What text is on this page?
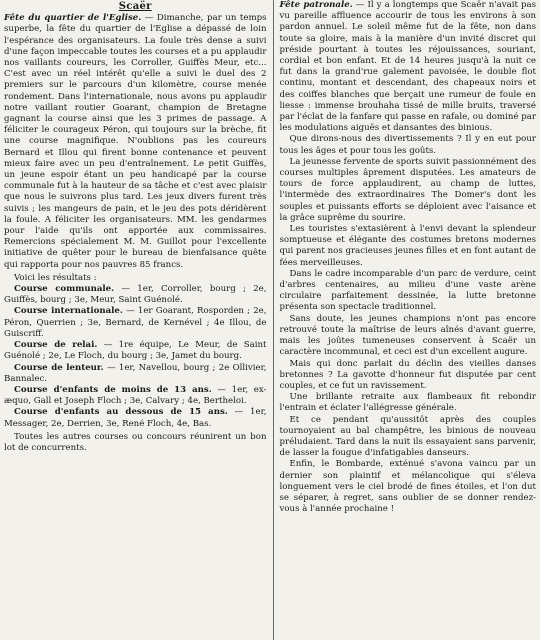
Scaër

Fête du quartier de l'Eglise. — Dimanche, par un temps superbe, la fête du quartier de l'Eglise a dépassé de loin l'espérance des organisateurs. La foule très dense a suivi d'une façon impeccable toutes les courses et a pu applaudir nos vaillants coureurs, les Corroller, Guiffès Meur, etc... C'est avec un réel intérêt qu'elle a suivi le duel des 2 premiers sur le parcours d'un kilomètre, course menée rondement. Dans l'internationale, nous avons pu applaudir notre vaillant routier Goarant, champion de Bretagne gagnant la course ainsi que les 3 primes de passage. A féliciter le courageux Péron, qui toujours sur la brèche, fit une course magnifique. N'oublions pas les coureurs Bernard et Illou qui firent bonne contenance et peuvent mieux faire avec un peu d'entraînement. Le petit Guiffès, un jeune espoir étant un peu handicapé par la course communale fut à la hauteur de sa tâche et c'est avec plaisir que nous le suivrons plus tard. Les jeux divers furent très suivis ; les mangeurs de pain, et le jeu des pots déridèrent la foule. A féliciter les organisateurs. MM. les gendarmes pour l'aide qu'ils ont apportée aux commissaires. Remercions spécialement M. M. Guillot pour l'excellente initiative de quêter pour le bureau de bienfaisance quête qui rapporta pour nos pauvres 85 francs.

Voici les résultats :

Course communale. — 1er, Corroller, bourg ; 2e, Guiffès, bourg ; 3e, Meur, Saint Guénolé.

Course internationale. — 1er Goarant, Rosporden ; 2e, Péron, Querrien ; 3e, Bernard, de Kernével ; 4e Illou, de Guiscriff.

Course de relai. — 1re équipe, Le Meur, de Saint Guénolé ; 2e, Le Floch, du bourg ; 3e, Jamet du bourg.

Course de lenteur. — 1er, Navellou, bourg ; 2e Ollivier, Bannalec.

Course d'enfants de moins de 13 ans. — 1er, ex-æquo, Gall et Joseph Floch ; 3e, Calvary ; 4e, Bertheloi.

Course d'enfants au dessous de 15 ans. — 1er, Messager, 2e, Derrien, 3e, René Floch, 4e, Bas.

Toutes les autres courses ou concours réunirent un bon lot de concurrents.

Fête patronale. — Il y a longtemps que Scaër n'avait pas vu pareille affluence accourir de tous les environs à son pardon annuel. Le soleil même fut de la fête, non dans toute sa gloire, mais à la manière d'un invité discret qui préside pourtant à toutes les réjouissances, souriant, cordial et bon enfant. Et de 14 heures jusqu'à la nuit ce fut dans la grand'rue galement pavoisée, le double flot continu, montant et descendant, des chapeaux noirs et des coiffes blanches que berçait une rumeur de foule en liesse : immense brouhaha tissé de mille bruits, traversé par l'éclat de la fanfare qui passe en rafale, ou dominé par les modulations aiguës et dansantes des binious.

Que dirons-nous des divertissements ? Il y en eut pour tous les âges et pour tous les goûts.

La jeunesse fervente de sports suivit passionnément des courses multiples âprement disputées. Les amateurs de tours de force applaudirent, au champ de luttes, l'intermède des extraordinaires The Domer's dont les souples et puissants efforts se déploient avec l'aisance et la grâce suprême du sourire.

Les touristes s'extasièrent à l'envi devant la splendeur somptueuse et élégante des costumes bretons modernes qui parent nos gracieuses jeunes filles et en font autant de fées merveilleuses.

Dans le cadre incomparable d'un parc de verdure, ceint d'arbres centenaires, au milieu d'une vaste arène circulaire parfaitement dessinée, la lutte bretonne présenta son spectacle traditionnel.

Sans doute, les jeunes champions n'ont pas encore retrouvé toute la maîtrise de leurs aînés d'avant guerre, mais les joûtes tumeneuses conservent à Scaër un caractère incommunal, et ceci est d'un excellent augure.

Mais qui donc parlait du déclin des vieilles danses bretonnes ? La gavotte d'honneur fut disputée par cent couples, et ce fut un ravissement.

Une brillante retraite aux flambeaux fit rebondir l'entrain et éclater l'allégresse générale.

Et ce pendant qu'aussitôt après des couples tournoyaient au bal champêtre, les binious de nouveau préludaient. Tard dans la nuit ils essayaient sans parvenir, de lasser la fougue d'infatigables danseurs.

Enfin, le Bombarde, exténué s'avona vaincu par un dernier son plaintif et mélancolique qui s'éleva longuement vers le ciel brodé de fines étoiles, et l'on dut se séparer, à regret, sans oublier de se donner rendez-vous à l'année prochaine !
